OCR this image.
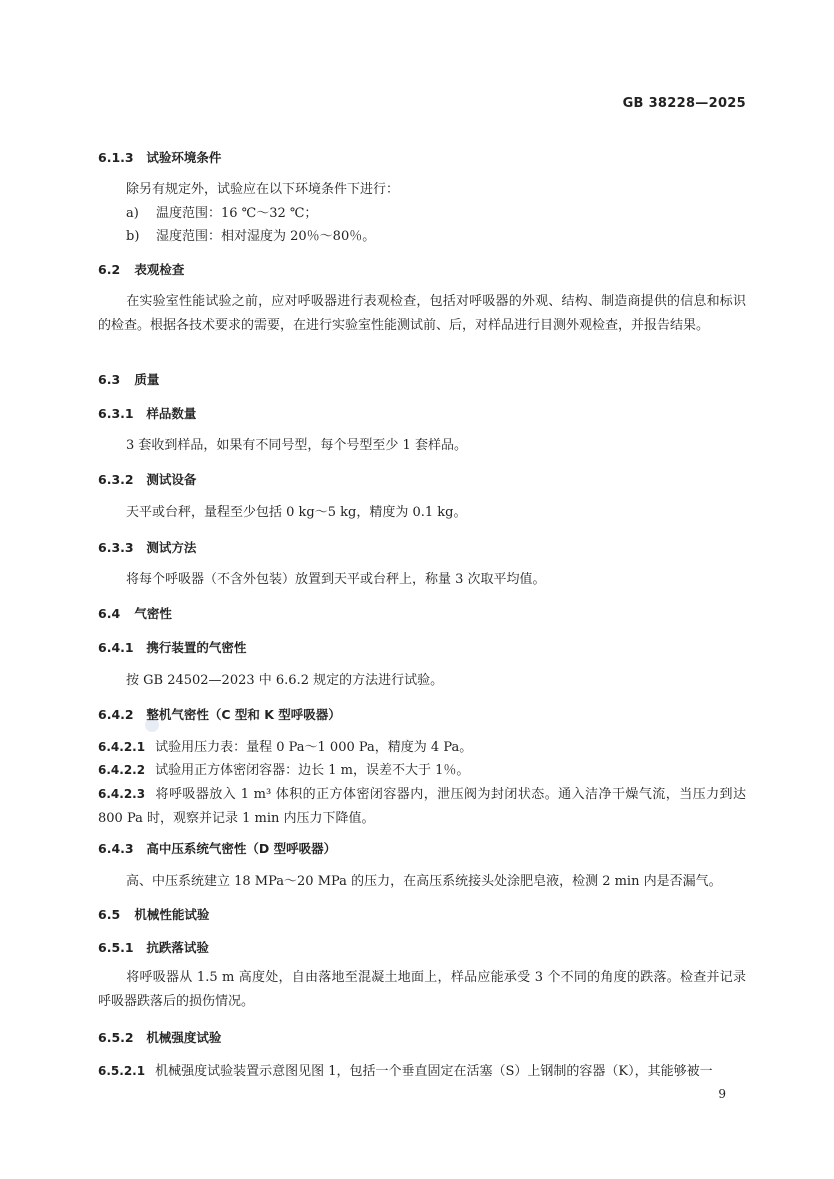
GB 38228—2025
6.1.3 试验环境条件
除另有规定外，试验应在以下环境条件下进行：
a) 温度范围：16 ℃～32 ℃；
b) 湿度范围：相对湿度为 20％～80％。
6.2 表观检查
在实验室性能试验之前，应对呼吸器进行表观检查，包括对呼吸器的外观、结构、制造商提供的信息和标识的检查。根据各技术要求的需要，在进行实验室性能测试前、后，对样品进行目测外观检查，并报告结果。
6.3 质量
6.3.1 样品数量
3 套收到样品，如果有不同号型，每个号型至少 1 套样品。
6.3.2 测试设备
天平或台秤，量程至少包括 0 kg～5 kg，精度为 0.1 kg。
6.3.3 测试方法
将每个呼吸器（不含外包装）放置到天平或台秤上，称量 3 次取平均值。
6.4 气密性
6.4.1 携行装置的气密性
按 GB 24502—2023 中 6.6.2 规定的方法进行试验。
6.4.2 整机气密性（C 型和 K 型呼吸器）
6.4.2.1 试验用压力表：量程 0 Pa～1 000 Pa，精度为 4 Pa。
6.4.2.2 试验用正方体密闭容器：边长 1 m，误差不大于 1％。
6.4.2.3 将呼吸器放入 1 m³ 体积的正方体密闭容器内，泄压阀为封闭状态。通入洁净干燥气流，当压力到达 800 Pa 时，观察并记录 1 min 内压力下降值。
6.4.3 高中压系统气密性（D 型呼吸器）
高、中压系统建立 18 MPa～20 MPa 的压力，在高压系统接头处涂肥皂液，检测 2 min 内是否漏气。
6.5 机械性能试验
6.5.1 抗跌落试验
将呼吸器从 1.5 m 高度处，自由落地至混凝土地面上，样品应能承受 3 个不同的角度的跌落。检查并记录呼吸器跌落后的损伤情况。
6.5.2 机械强度试验
6.5.2.1 机械强度试验装置示意图见图 1，包括一个垂直固定在活塞（S）上钢制的容器（K），其能够被一
9
